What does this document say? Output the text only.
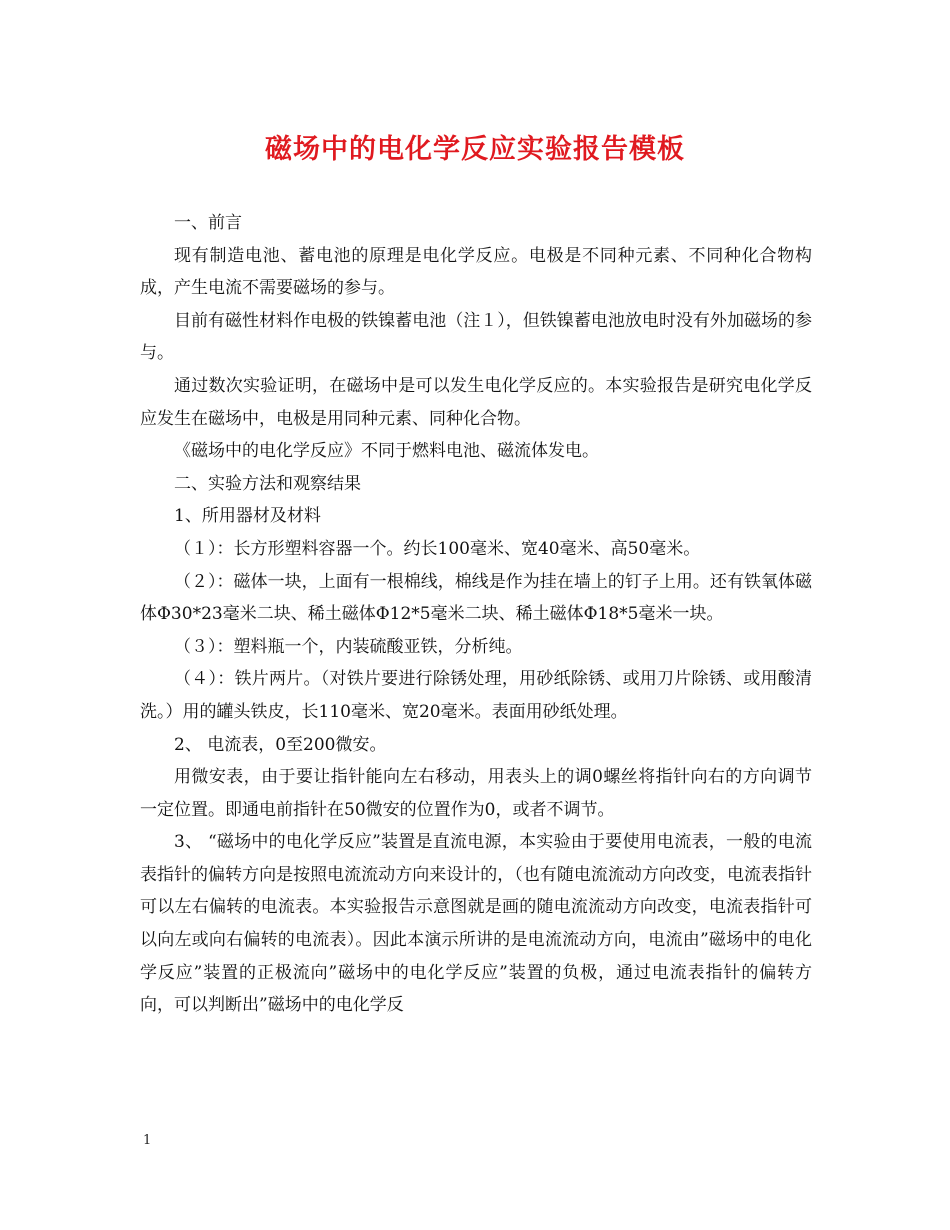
磁场中的电化学反应实验报告模板

一、前言

现有制造电池、蓄电池的原理是电化学反应。电极是不同种元素、不同种化合物构成，产生电流不需要磁场的参与。

目前有磁性材料作电极的铁镍蓄电池（注１），但铁镍蓄电池放电时没有外加磁场的参与。

通过数次实验证明，在磁场中是可以发生电化学反应的。本实验报告是研究电化学反应发生在磁场中，电极是用同种元素、同种化合物。

《磁场中的电化学反应》不同于燃料电池、磁流体发电。

二、实验方法和观察结果

1、所用器材及材料

（１）：长方形塑料容器一个。约长100毫米、宽40毫米、高50毫米。

（２）：磁体一块，上面有一根棉线，棉线是作为挂在墙上的钉子上用。还有铁氧体磁体Φ30*23毫米二块、稀土磁体Φ12*5毫米二块、稀土磁体Φ18*5毫米一块。

（３）：塑料瓶一个，内装硫酸亚铁，分析纯。

（４）：铁片两片。（对铁片要进行除锈处理，用砂纸除锈、或用刀片除锈、或用酸清洗。）用的罐头铁皮，长110毫米、宽20毫米。表面用砂纸处理。

2、 电流表，0至200微安。

用微安表，由于要让指针能向左右移动，用表头上的调0螺丝将指针向右的方向调节一定位置。即通电前指针在50微安的位置作为0，或者不调节。

3、 “磁场中的电化学反应”装置是直流电源，本实验由于要使用电流表，一般的电流表指针的偏转方向是按照电流流动方向来设计的，（也有随电流流动方向改变，电流表指针可以左右偏转的电流表。本实验报告示意图就是画的随电流流动方向改变，电流表指针可以向左或向右偏转的电流表）。因此本演示所讲的是电流流动方向，电流由”磁场中的电化学反应”装置的正极流向”磁场中的电化学反应”装置的负极，通过电流表指针的偏转方向，可以判断出”磁场中的电化学反

1
